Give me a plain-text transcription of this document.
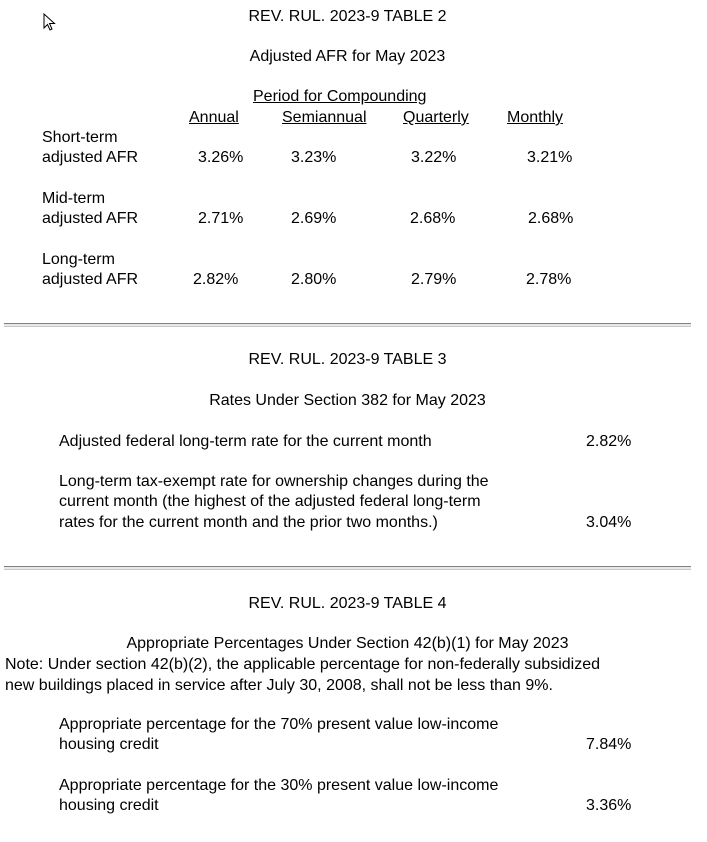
REV. RUL. 2023-9 TABLE 2
Adjusted AFR for May 2023
Period for Compounding
Annual	Semiannual Quarterly Monthly
Short-term
adjusted AFR	3.26%	3.23%	3.22%	3.21%
Mid-term
adjusted AFR	2.71%	2.69%	2.68%	2.68%
Long-term
adjusted AFR	2.82%	2.80%	2.79%	2.78%
REV. RUL. 2023-9 TABLE 3
Rates Under Section 382 for May 2023
Adjusted federal long-term rate for the current month	2.82%
Long-term tax-exempt rate for ownership changes during the
current month (the highest of the adjusted federal long-term
rates for the current month and the prior two months.)	3.04%
REV. RUL. 2023-9 TABLE 4
Appropriate Percentages Under Section 42(b)(1) for May 2023
Note: Under section 42(b)(2), the applicable percentage for non-federally subsidized
new buildings placed in service after July 30, 2008, shall not be less than 9%.
Appropriate percentage for the 70% present value low-income
housing credit	7.84%
Appropriate percentage for the 30% present value low-income
housing credit	3.36%
